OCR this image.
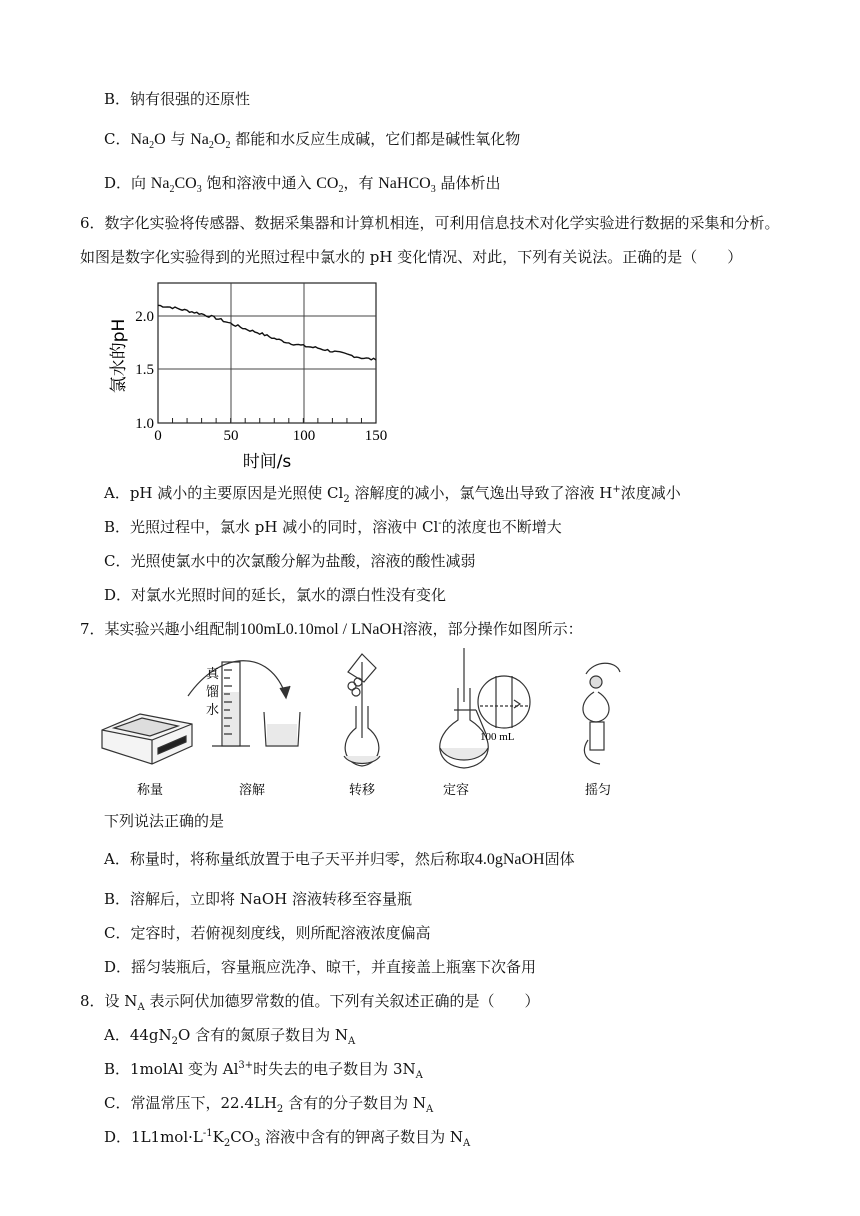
B．钠有很强的还原性
C．$Na_2O$ 与 $Na_2O_2$ 都能和水反应生成碱，它们都是碱性氧化物
D．向 $Na_2CO_3$ 饱和溶液中通入 $CO_2$，有 NaHCO$_3$ 晶体析出
6．数字化实验将传感器、数据采集器和计算机相连，可利用信息技术对化学实验进行数据的采集和分析。
如图是数字化实验得到的光照过程中氯水的 pH 变化情况、对此，下列有关说法。正确的是（　　）
2.0
1.5
1.0
0	50	100	150
时间/s
氯水的pH
A．pH 减小的主要原因是光照使 $Cl_2$ 溶解度的减小，氯气逸出导致了溶液 H+浓度减小
B．光照过程中，氯水 pH 减小的同时，溶液中 Cl-的浓度也不断增大
C．光照使氯水中的次氯酸分解为盐酸，溶液的酸性减弱
D．对氯水光照时间的延长，氯水的漂白性没有变化
7．某实验兴趣小组配制100mL0.10mol / LNaOH溶液，部分操作如图所示：
真
馏
水
100 mL
称量	溶解	转移	定容	摇匀
下列说法正确的是
A．称量时，将称量纸放置于电子天平并归零，然后称取4.0gNaOH固体
B．溶解后，立即将 NaOH 溶液转移至容量瓶
C．定容时，若俯视刻度线，则所配溶液浓度偏高
D．摇匀装瓶后，容量瓶应洗净、晾干，并直接盖上瓶塞下次备用
8．设 $N_A$ 表示阿伏加德罗常数的值。下列有关叙述正确的是（　　）
A．$44gN_2O$ 含有的氮原子数目为 $N_A$
B．1molAl 变为 $Al^{3+}$时失去的电子数目为 $3N_A$
C．常温常压下，$22.4LH_2$ 含有的分子数目为 $N_A$
D．$1L1mol\cdot L^{-1}K_2CO_3$ 溶液中含有的钾离子数目为 $N_A$
